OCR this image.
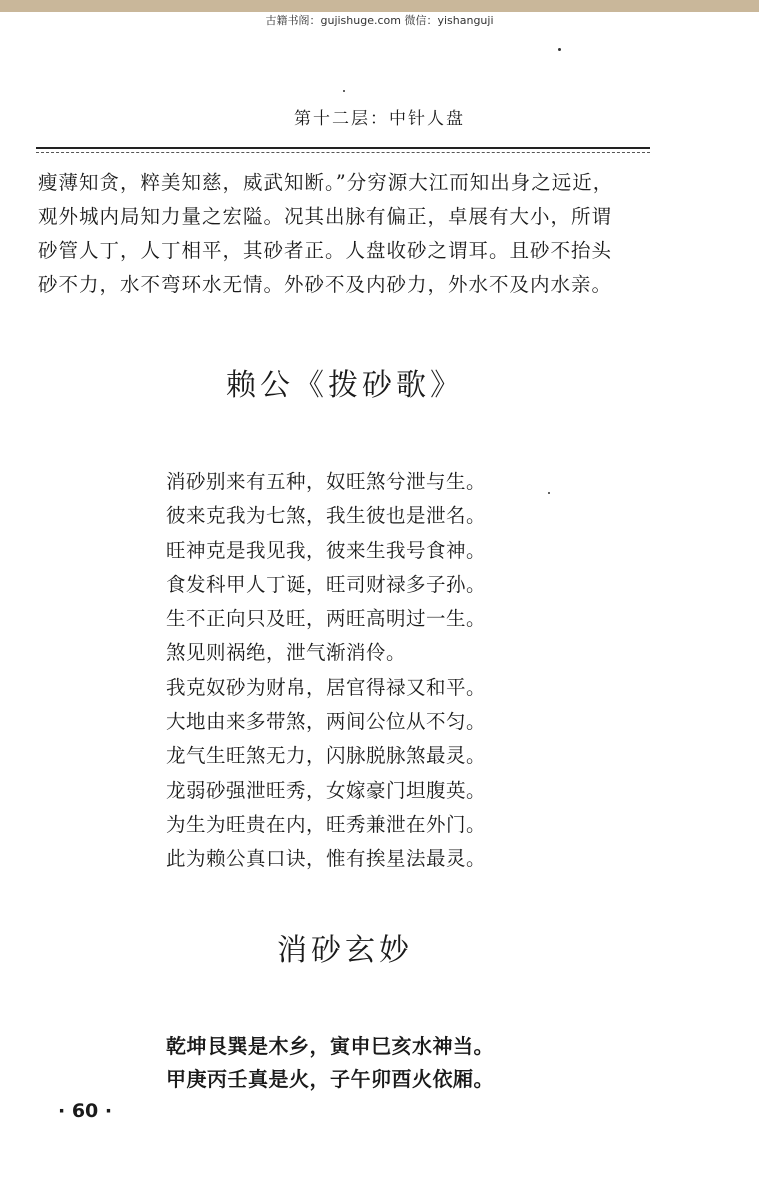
古籍书阁：gujishuge.com 微信：yishanguji
第十二层：中针人盘
瘦薄知贪，粹美知慈，威武知断。”分穷源大江而知出身之远近，
观外城内局知力量之宏隘。况其出脉有偏正，卓展有大小，所谓
砂管人丁，人丁相平，其砂者正。人盘收砂之谓耳。且砂不抬头
砂不力，水不弯环水无情。外砂不及内砂力，外水不及内水亲。
赖公《拨砂歌》
消砂别来有五种，奴旺煞兮泄与生。
彼来克我为七煞，我生彼也是泄名。
旺神克是我见我，彼来生我号食神。
食发科甲人丁诞，旺司财禄多子孙。
生不正向只及旺，两旺高明过一生。
煞见则祸绝，泄气渐消伶。
我克奴砂为财帛，居官得禄又和平。
大地由来多带煞，两间公位从不匀。
龙气生旺煞无力，闪脉脱脉煞最灵。
龙弱砂强泄旺秀，女嫁豪门坦腹英。
为生为旺贵在内，旺秀兼泄在外门。
此为赖公真口诀，惟有挨星法最灵。
消砂玄妙
乾坤艮巽是木乡，寅申巳亥水神当。
甲庚丙壬真是火，子午卯酉火依厢。
· 60 ·
